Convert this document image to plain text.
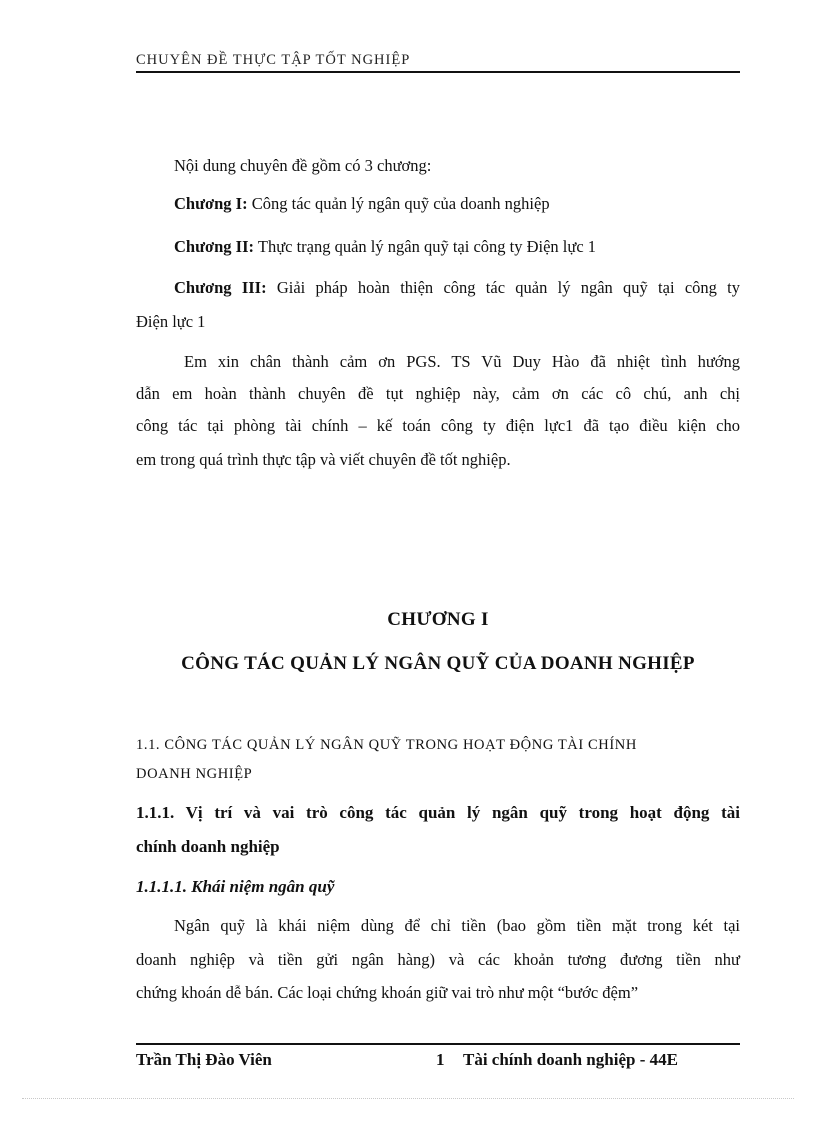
CHUYÊN ĐỀ THỰC TẬP TỐT NGHIỆP
Nội dung chuyên đề gồm có 3 chương:
Chương I: Công tác quản lý ngân quỹ của doanh nghiệp
Chương II: Thực trạng quản lý ngân quỹ tại công ty Điện lực 1
Chương III: Giải pháp hoàn thiện công tác quản lý ngân quỹ tại công ty
Điện lực 1
Em xin chân thành cảm ơn PGS. TS Vũ Duy Hào đã nhiệt tình hướng
dẫn em hoàn thành chuyên đề tụt nghiệp này, cảm ơn các cô chú, anh chị
công tác tại phòng tài chính – kế toán công ty điện lực1 đã tạo điều kiện cho
em trong quá trình thực tập và viết chuyên đề tốt nghiệp.
1.1. CÔNG TÁC QUẢN LÝ NGÂN QUỸ TRONG HOẠT ĐỘNG TÀI CHÍNH
DOANH NGHIỆP
1.1.1. Vị trí và vai trò công tác quản lý ngân quỹ trong hoạt động tài
chính doanh nghiệp
1.1.1.1. Khái niệm ngân quỹ
Ngân quỹ là khái niệm dùng để chỉ tiền (bao gồm tiền mặt trong két tại
doanh nghiệp và tiền gửi ngân hàng) và các khoản tương đương tiền như
chứng khoán dễ bán. Các loại chứng khoán giữ vai trò như một “bước đệm”
CHƯƠNG I
CÔNG TÁC QUẢN LÝ NGÂN QUỸ CỦA DOANH NGHIỆP
Trần Thị Đào Viên	1 Tài chính doanh nghiệp - 44E
